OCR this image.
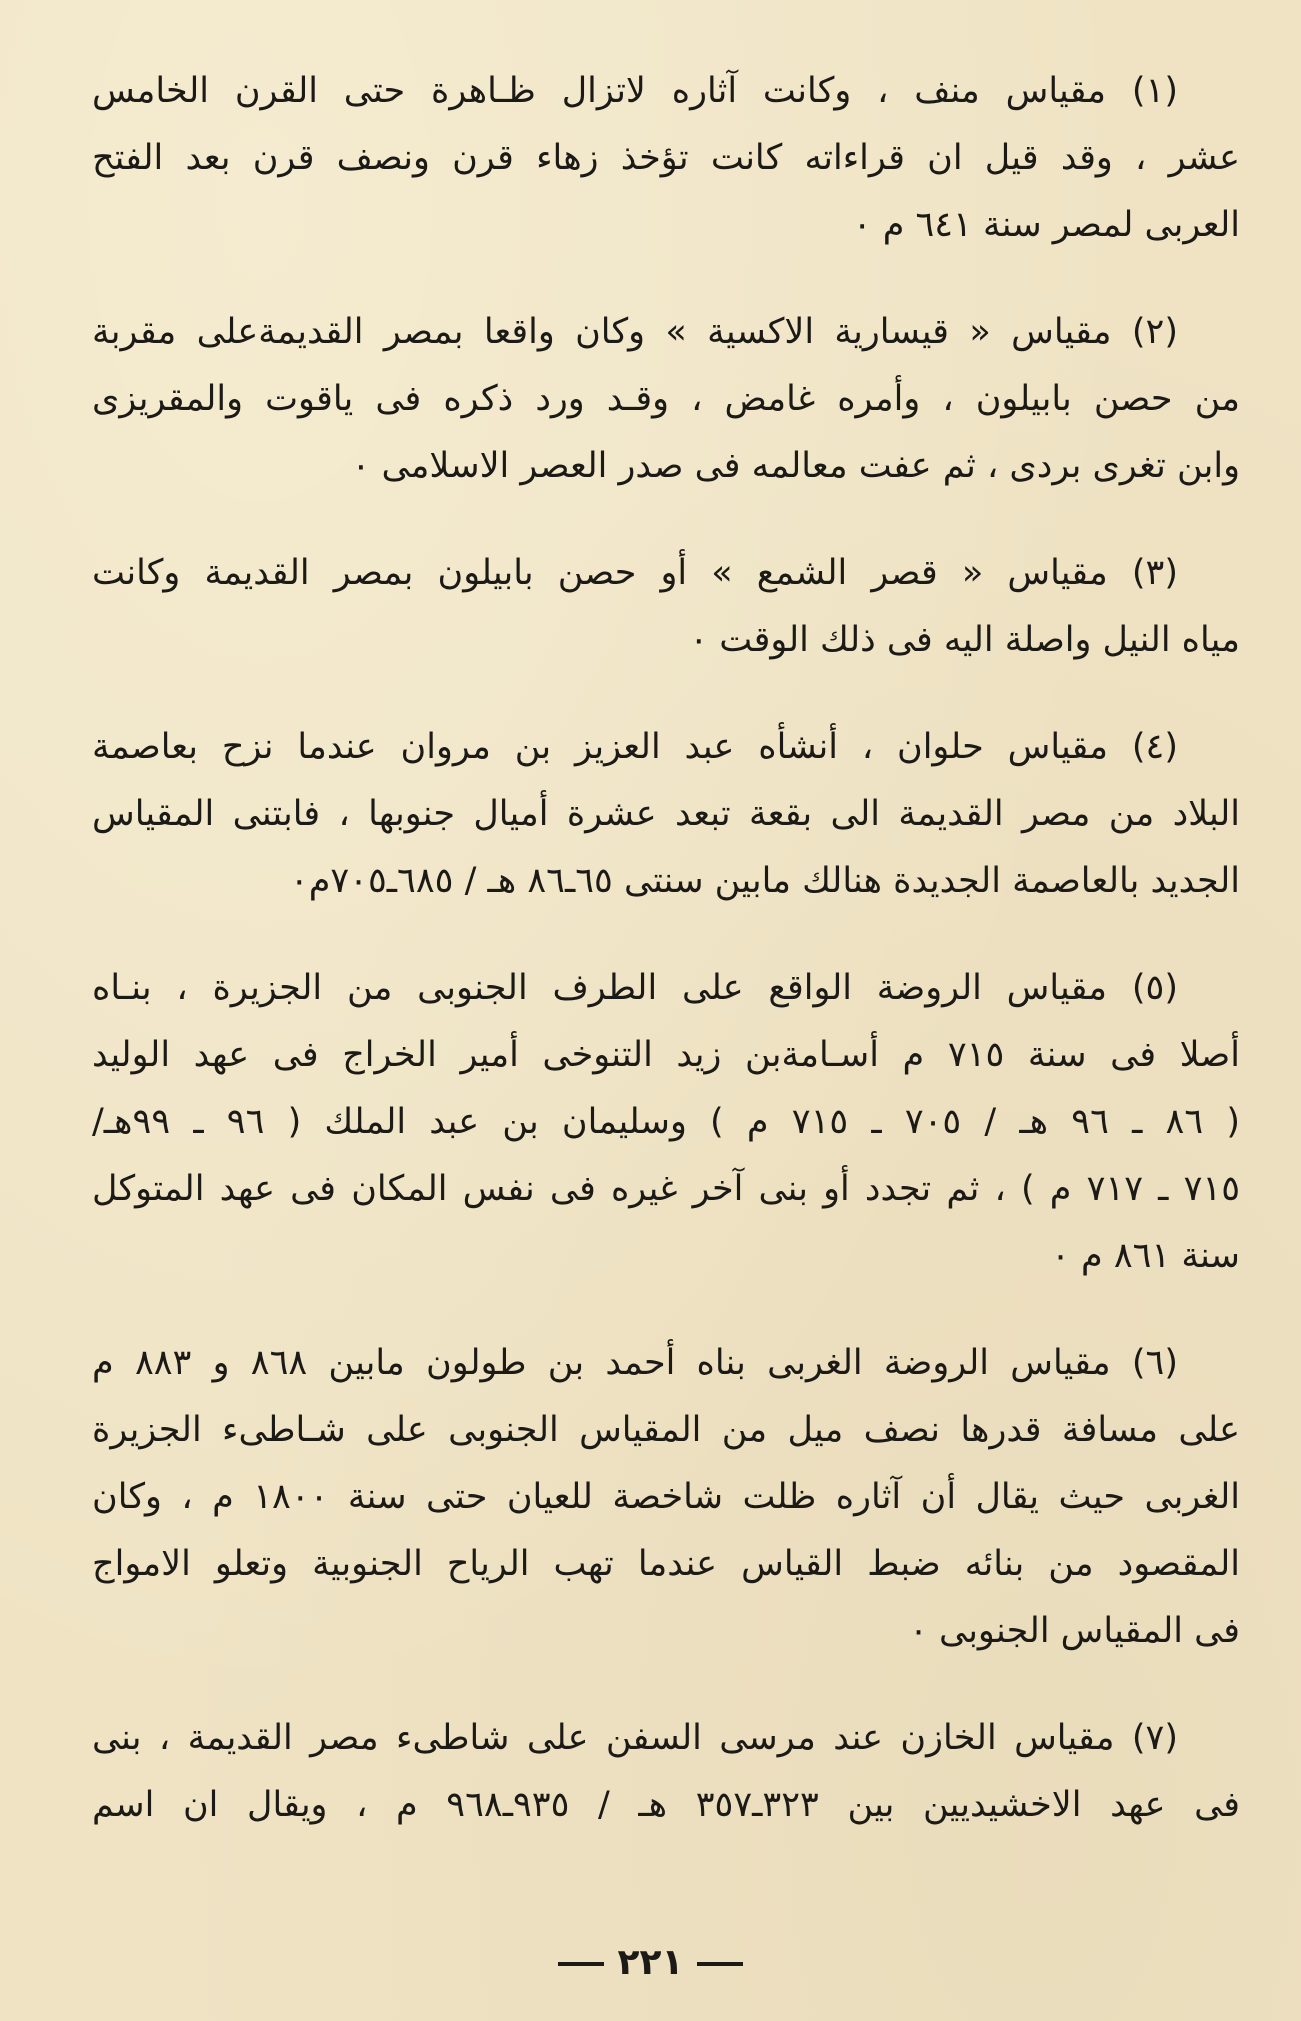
(١) مقياس منف ، وكانت آثاره لاتزال ظـاهرة حتى القرن الخامس
عشر ، وقد قيل ان قراءاته كانت تؤخذ زهاء قرن ونصف قرن بعد الفتح
العربى لمصر سنة ٦٤١ م ٠

(٢) مقياس « قيسارية الاكسية » وكان واقعا بمصر القديمةعلى مقربة
من حصن بابيلون ، وأمره غامض ، وقـد ورد ذكره فى ياقوت والمقريزى
وابن تغرى بردى ، ثم عفت معالمه فى صدر العصر الاسلامى ٠

(٣) مقياس « قصر الشمع » أو حصن بابيلون بمصر القديمة وكانت
مياه النيل واصلة اليه فى ذلك الوقت ٠

(٤) مقياس حلوان ، أنشأه عبد العزيز بن مروان عندما نزح بعاصمة
البلاد من مصر القديمة الى بقعة تبعد عشرة أميال جنوبها ، فابتنى المقياس
الجديد بالعاصمة الجديدة هنالك مابين سنتى ٦٥ـ٨٦ هـ / ٦٨٥ـ٧٠٥م٠

(٥) مقياس الروضة الواقع على الطرف الجنوبى من الجزيرة ، بنـاه
أصلا فى سنة ٧١٥ م أسـامةبن زيد التنوخى أمير الخراج فى عهد الوليد
( ٨٦ ـ ٩٦ هـ / ٧٠٥ ـ ٧١٥ م ) وسليمان بن عبد الملك ( ٩٦ ـ ٩٩هـ/
٧١٥ ـ ٧١٧ م ) ، ثم تجدد أو بنى آخر غيره فى نفس المكان فى عهد المتوكل
سنة ٨٦١ م ٠

(٦) مقياس الروضة الغربى بناه أحمد بن طولون مابين ٨٦٨ و ٨٨٣ م
على مسافة قدرها نصف ميل من المقياس الجنوبى على شـاطىء الجزيرة
الغربى حيث يقال أن آثاره ظلت شاخصة للعيان حتى سنة ١٨٠٠ م ، وكان
المقصود من بنائه ضبط القياس عندما تهب الرياح الجنوبية وتعلو الامواج
فى المقياس الجنوبى ٠

(٧) مقياس الخازن عند مرسى السفن على شاطىء مصر القديمة ، بنى
فى عهد الاخشيديين بين ٣٢٣ـ٣٥٧ هـ / ٩٣٥ـ٩٦٨ م ، ويقال ان اسم

٢٢١
